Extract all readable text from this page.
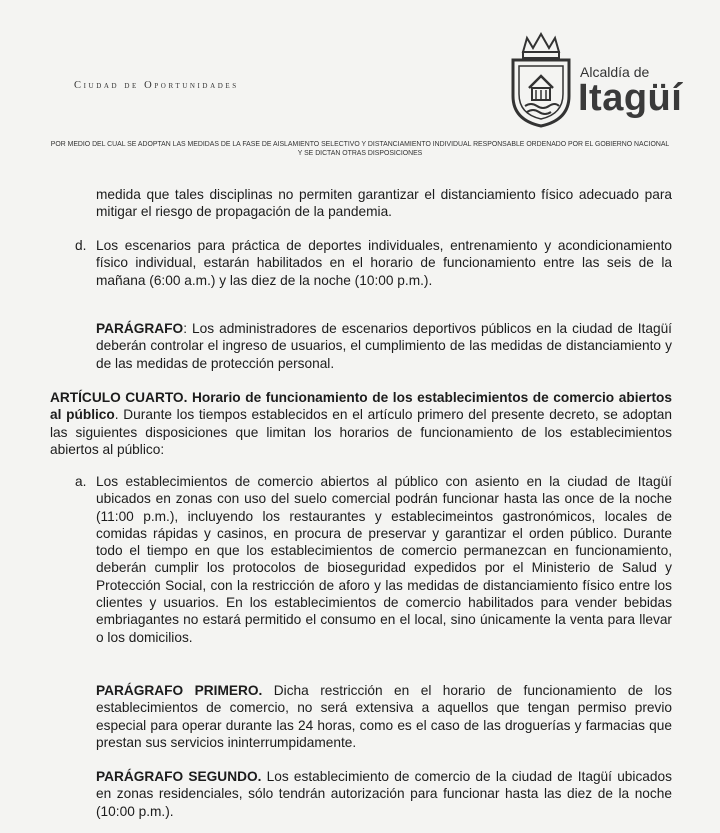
Ciudad de Oportunidades
Alcaldía de
Itagüí
POR MEDIO DEL CUAL SE ADOPTAN LAS MEDIDAS DE LA FASE DE AISLAMIENTO SELECTIVO Y DISTANCIAMIENTO INDIVIDUAL RESPONSABLE ORDENADO POR EL GOBIERNO NACIONAL Y SE DICTAN OTRAS DISPOSICIONES
medida que tales disciplinas no permiten garantizar el distanciamiento físico adecuado para mitigar el riesgo de propagación de la pandemia.
d. Los escenarios para práctica de deportes individuales, entrenamiento y acondicionamiento físico individual, estarán habilitados en el horario de funcionamiento entre las seis de la mañana (6:00 a.m.) y las diez de la noche (10:00 p.m.).
PARÁGRAFO: Los administradores de escenarios deportivos públicos en la ciudad de Itagüí deberán controlar el ingreso de usuarios, el cumplimiento de las medidas de distanciamiento y de las medidas de protección personal.
ARTÍCULO CUARTO. Horario de funcionamiento de los establecimientos de comercio abiertos al público. Durante los tiempos establecidos en el artículo primero del presente decreto, se adoptan las siguientes disposiciones que limitan los horarios de funcionamiento de los establecimientos abiertos al público:
a. Los establecimientos de comercio abiertos al público con asiento en la ciudad de Itagüí ubicados en zonas con uso del suelo comercial podrán funcionar hasta las once de la noche (11:00 p.m.), incluyendo los restaurantes y establecimeintos gastronómicos, locales de comidas rápidas y casinos, en procura de preservar y garantizar el orden público. Durante todo el tiempo en que los establecimientos de comercio permanezcan en funcionamiento, deberán cumplir los protocolos de bioseguridad expedidos por el Ministerio de Salud y Protección Social, con la restricción de aforo y las medidas de distanciamiento físico entre los clientes y usuarios. En los establecimientos de comercio habilitados para vender bebidas embriagantes no estará permitido el consumo en el local, sino únicamente la venta para llevar o los domicilios.
PARÁGRAFO PRIMERO. Dicha restricción en el horario de funcionamiento de los establecimientos de comercio, no será extensiva a aquellos que tengan permiso previo especial para operar durante las 24 horas, como es el caso de las droguerías y farmacias que prestan sus servicios ininterrumpidamente.
PARÁGRAFO SEGUNDO. Los establecimiento de comercio de la ciudad de Itagüí ubicados en zonas residenciales, sólo tendrán autorización para funcionar hasta las diez de la noche (10:00 p.m.).
